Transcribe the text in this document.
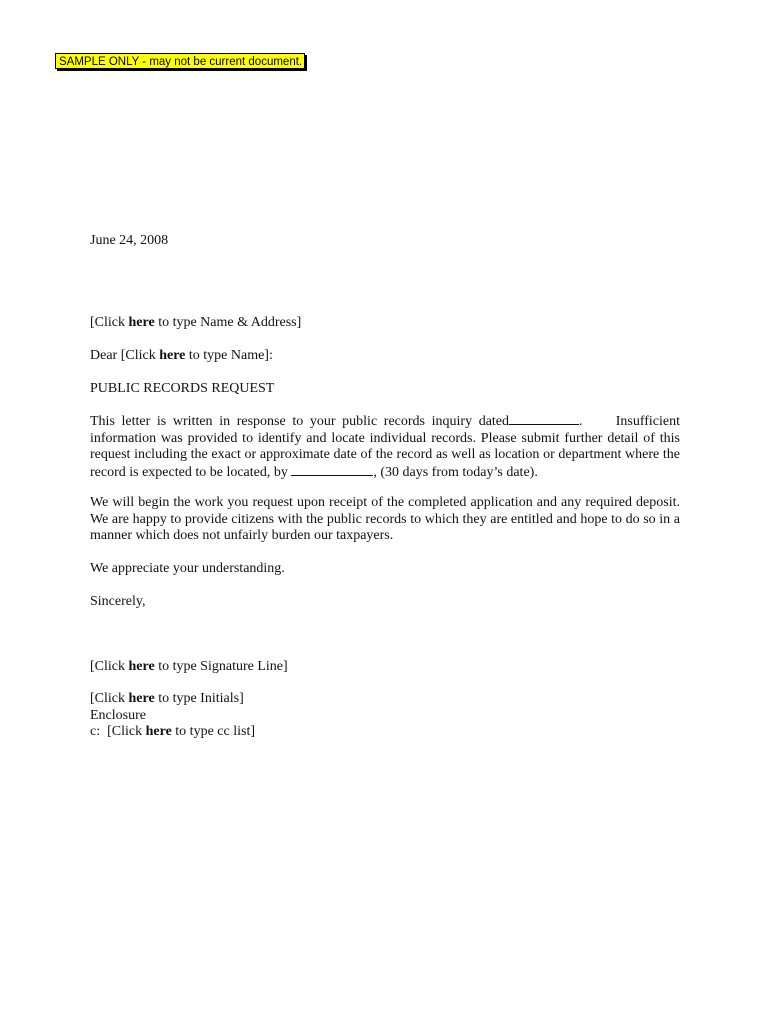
SAMPLE ONLY - may not be current document.
June 24, 2008
[Click here to type Name & Address]
Dear [Click here to type Name]:
PUBLIC RECORDS REQUEST
This letter is written in response to your public records inquiry dated	.     Insufficient
information was provided to identify and locate individual records. Please submit further detail of this
request including the exact or approximate date of the record as well as location or department where the
record is expected to be located, by	, (30 days from today’s date).
We will begin the work you request upon receipt of the completed application and any required deposit.
We are happy to provide citizens with the public records to which they are entitled and hope to do so in a
manner which does not unfairly burden our taxpayers.
We appreciate your understanding.
Sincerely,
[Click here to type Signature Line]
[Click here to type Initials]
Enclosure
c:  [Click here to type cc list]
